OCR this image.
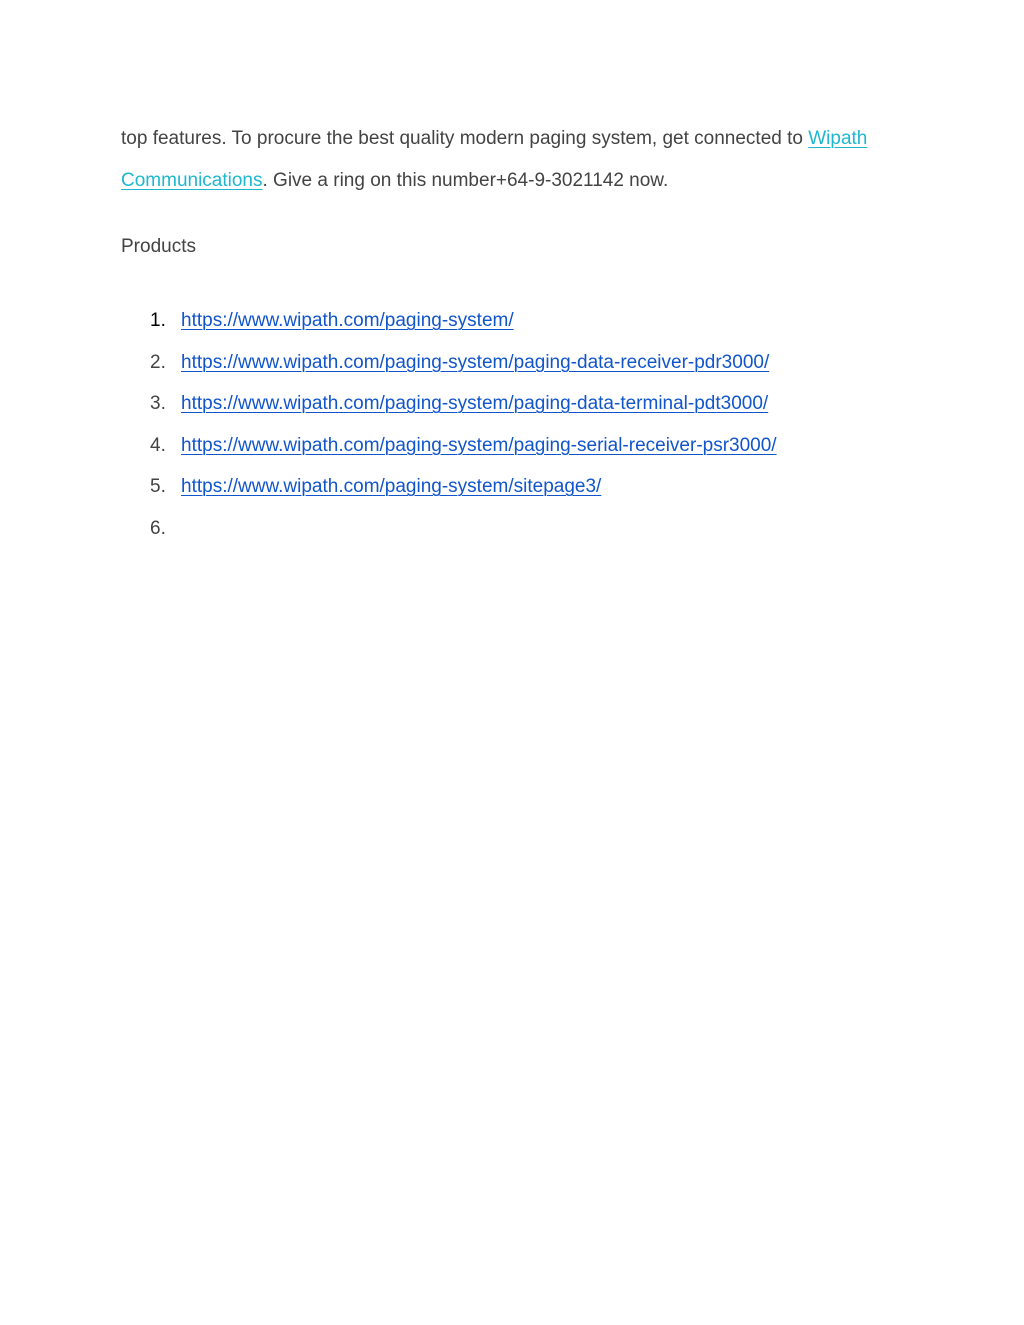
top features. To procure the best quality modern paging system, get connected to Wipath Communications. Give a ring on this number+64-9-3021142 now.

Products
1. https://www.wipath.com/paging-system/
2. https://www.wipath.com/paging-system/paging-data-receiver-pdr3000/
3. https://www.wipath.com/paging-system/paging-data-terminal-pdt3000/
4. https://www.wipath.com/paging-system/paging-serial-receiver-psr3000/
5. https://www.wipath.com/paging-system/sitepage3/
6.
